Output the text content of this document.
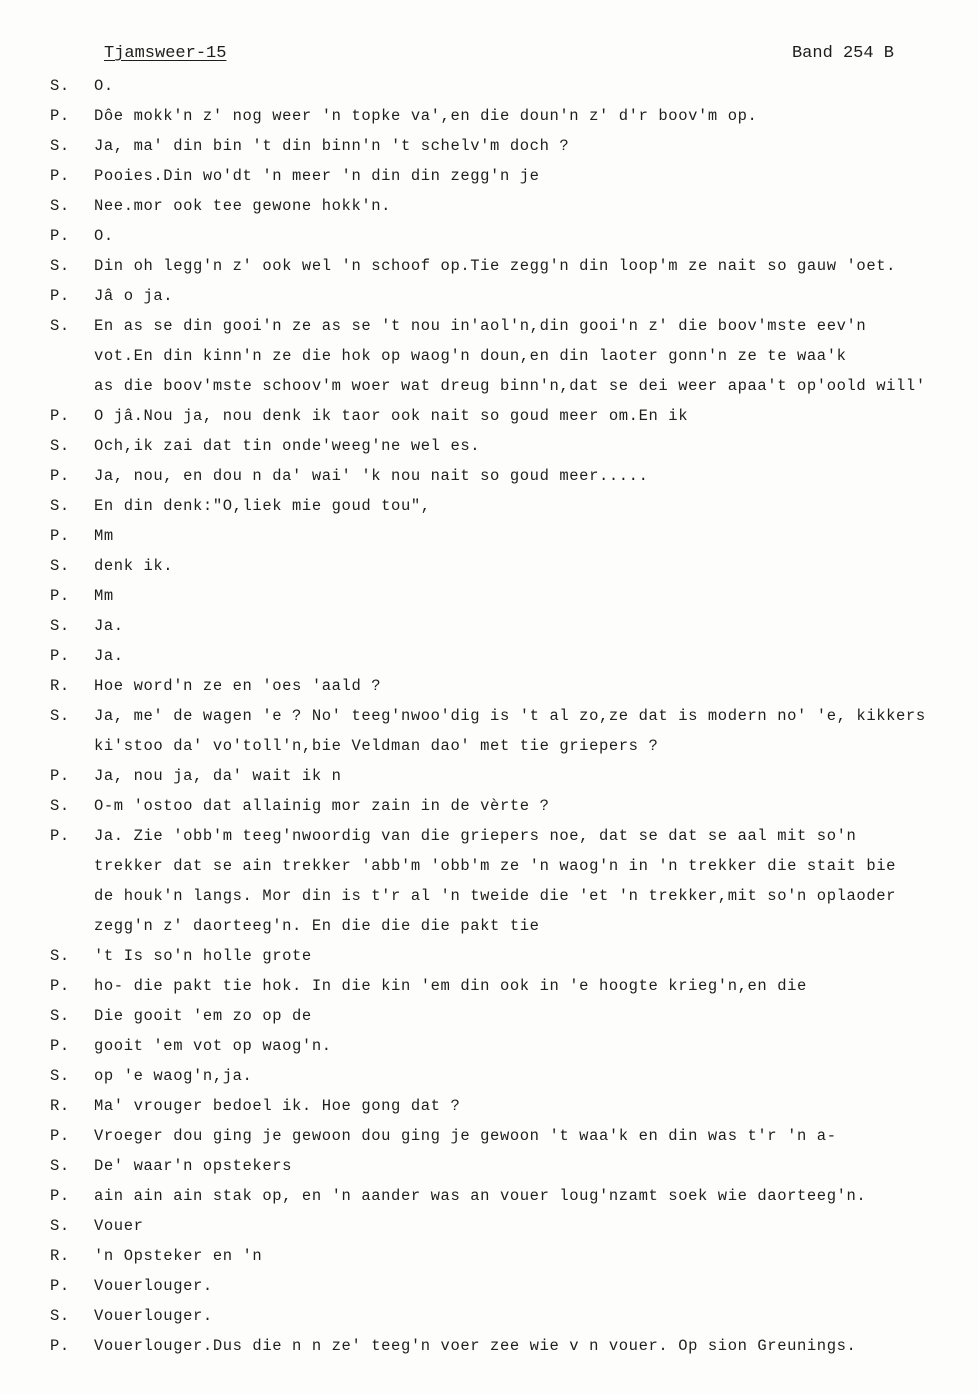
Tjamsweer-15	Band 254 B
S.	O.
P.	Dôe mokk'n z' nog weer 'n topke va',en die doun'n z' d'r boov'm op.
S.	Ja, ma' din bin 't din binn'n 't schelv'm doch ?
P.	Pooies.Din wo'dt 'n meer 'n din din zegg'n je
S.	Nee.mor ook tee gewone hokk'n.
P.	O.
S.	Din oh legg'n z' ook wel 'n schoof op.Tie zegg'n din loop'm ze nait so gauw 'oet.
P.	Jâ o ja.
S.	En as se din gooi'n ze as se 't nou in'aol'n,din gooi'n z' die boov'mste eev'n
vot.En din kinn'n ze die hok op waog'n doun,en din laoter gonn'n ze te waa'k
as die boov'mste schoov'm woer wat dreug binn'n,dat se dei weer apaa't op'oold will'
P.	O jâ.Nou ja, nou denk ik taor ook nait so goud meer om.En ik
S.	Och,ik zai dat tin onde'weeg'ne wel es.
P.	Ja, nou, en dou n da' wai' 'k nou nait so goud meer.....
S.	En din denk:"O,liek mie goud tou",
P.	Mm
S.	denk ik.
P.	Mm
S.	Ja.
P.	Ja.
R.	Hoe word'n ze en 'oes 'aald ?
S.	Ja, me' de wagen 'e ? No' teeg'nwoo'dig is 't al zo,ze dat is modern no' 'e, kikkers
ki'stoo da' vo'toll'n,bie Veldman dao' met tie griepers ?
P.	Ja, nou ja, da' wait ik n
S.	O-m 'ostoo dat allainig mor zain in de vèrte ?
P.	Ja. Zie 'obb'm teeg'nwoordig van die griepers noe, dat se dat se aal mit so'n
trekker dat se ain trekker 'abb'm 'obb'm ze 'n waog'n in 'n trekker die stait bie
de houk'n langs. Mor din is t'r al 'n tweide die 'et 'n trekker,mit so'n oplaoder
zegg'n z' daorteeg'n. En die die die pakt tie
S.	't Is so'n holle grote
P.	ho- die pakt tie hok. In die kin 'em din ook in 'e hoogte krieg'n,en die
S.	Die gooit 'em zo op de
P.	gooit 'em vot op waog'n.
S.	op 'e waog'n,ja.
R.	Ma' vrouger bedoel ik. Hoe gong dat ?
P.	Vroeger dou ging je gewoon dou ging je gewoon 't waa'k en din was t'r 'n a-
S.	De' waar'n opstekers
P.	ain ain ain stak op, en 'n aander was an vouer loug'nzamt soek wie daorteeg'n.
S.	Vouer
R.	'n Opsteker en 'n
P.	Vouerlouger.
S.	Vouerlouger.
P.	Vouerlouger.Dus die n n ze' teeg'n voer zee wie v n vouer. Op sion Greunings.
